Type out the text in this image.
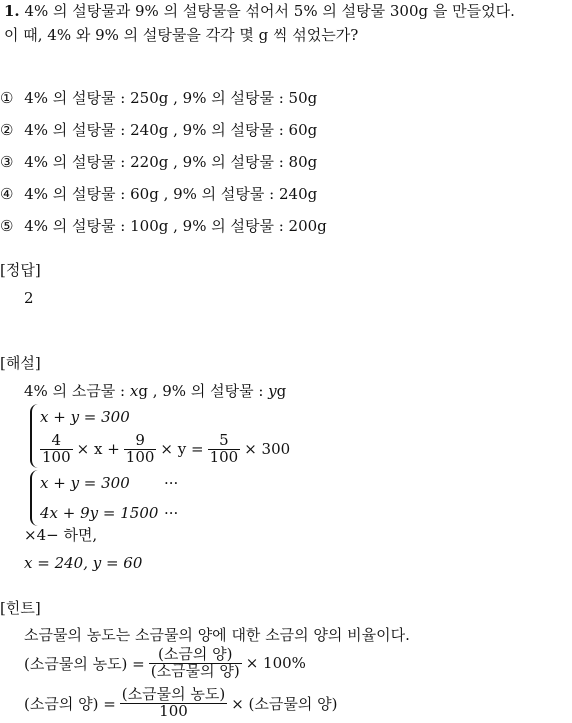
1. 4% 의 설탕물과 9% 의 설탕물을 섞어서 5% 의 설탕물 300g 을 만들었다.
이 때, 4% 와 9% 의 설탕물을 각각 몇 g 씩 섞었는가?
① 4% 의 설탕물 : 250g , 9% 의 설탕물 : 50g
② 4% 의 설탕물 : 240g , 9% 의 설탕물 : 60g
③ 4% 의 설탕물 : 220g , 9% 의 설탕물 : 80g
④ 4% 의 설탕물 : 60g , 9% 의 설탕물 : 240g
⑤ 4% 의 설탕물 : 100g , 9% 의 설탕물 : 200g
[정답]
2
[해설]
4% 의 소금물 : xg , 9% 의 설탕물 : yg
x + y = 300
$\frac{4}{100} \times x + \frac{9}{100} \times y = \frac{5}{100} \times 300$
x + y = 300 ···
4x + 9y = 1500 ···
×4− 하면,
x = 240, y = 60
[힌트]
소금물의 농도는 소금물의 양에 대한 소금의 양의 비율이다.
(소금물의 농도) = $\frac{\text{(소금의 양)}}{\text{(소금물의 양)}} \times 100\%$
(소금의 양) = $\frac{\text{(소금물의 농도)}}{100}$ × (소금물의 양)
